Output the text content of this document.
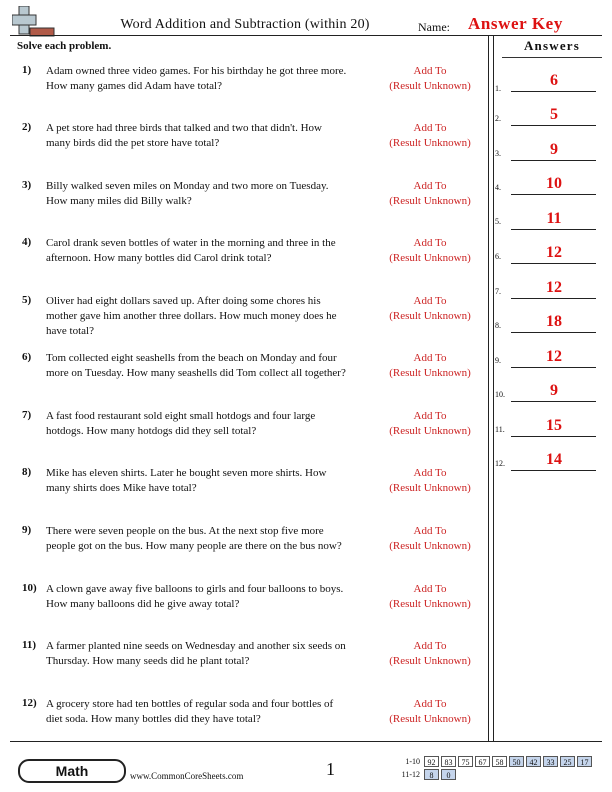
Word Addition and Subtraction (within 20)	Name: Answer Key
Solve each problem.	Answers
1)	Adam owned three video games. For his birthday he got three more.
How many games did Adam have total?
Add To
(Result Unknown)
2)	A pet store had three birds that talked and two that didn't. How
many birds did the pet store have total?
Add To
(Result Unknown)
3)	Billy walked seven miles on Monday and two more on Tuesday.
How many miles did Billy walk?
Add To
(Result Unknown)
4)	Carol drank seven bottles of water in the morning and three in the
afternoon. How many bottles did Carol drink total?
Add To
(Result Unknown)
5)	Oliver had eight dollars saved up. After doing some chores his
mother gave him another three dollars. How much money does he
have total?
Add To
(Result Unknown)
6)	Tom collected eight seashells from the beach on Monday and four
more on Tuesday. How many seashells did Tom collect all together?
Add To
(Result Unknown)
7)	A fast food restaurant sold eight small hotdogs and four large
hotdogs. How many hotdogs did they sell total?
Add To
(Result Unknown)
8)	Mike has eleven shirts. Later he bought seven more shirts. How
many shirts does Mike have total?
Add To
(Result Unknown)
9)	There were seven people on the bus. At the next stop five more
people got on the bus. How many people are there on the bus now?
Add To
(Result Unknown)
10) A clown gave away five balloons to girls and four balloons to boys.
How many balloons did he give away total?
Add To
(Result Unknown)
11) A farmer planted nine seeds on Wednesday and another six seeds on
Thursday. How many seeds did he plant total?
Add To
(Result Unknown)
12) A grocery store had ten bottles of regular soda and four bottles of
diet soda. How many bottles did they have total?
Add To
(Result Unknown)
1.	6
2.	5
3.	9
4.	10
5.	11
6.	12
7.	12
8.	18
9.	12
10.	9
11.	15
12.	14
Math	www.CommonCoreSheets.com	1	1-10 92	83	75	67	58	50	42	33	25	17
11-12	8	0
